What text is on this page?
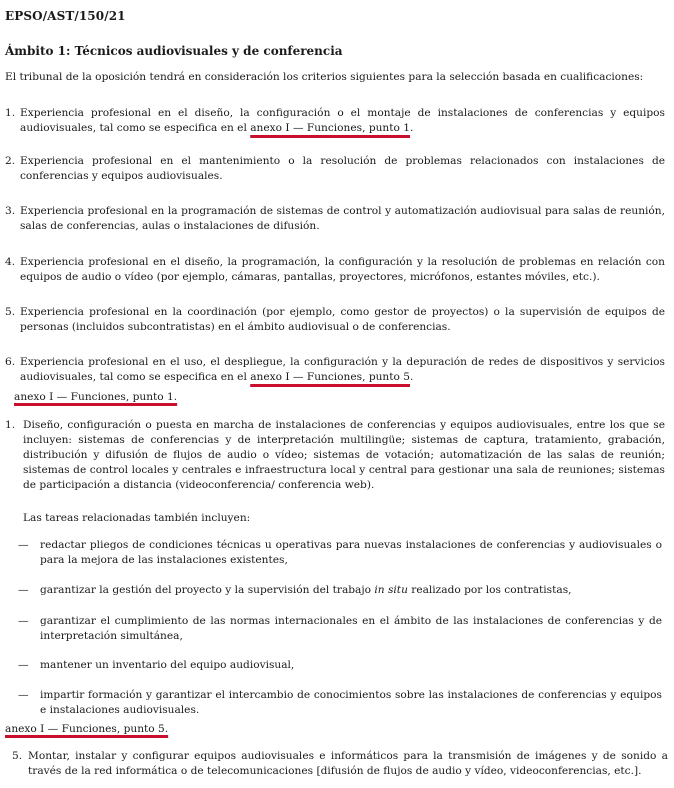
EPSO/AST/150/21
Ámbito 1: Técnicos audiovisuales y de conferencia
El tribunal de la oposición tendrá en consideración los criterios siguientes para la selección basada en cualificaciones:
1. Experiencia profesional en el diseño, la configuración o el montaje de instalaciones de conferencias y equipos audiovisuales, tal como se especifica en el anexo I — Funciones, punto 1.
2. Experiencia profesional en el mantenimiento o la resolución de problemas relacionados con instalaciones de conferencias y equipos audiovisuales.
3. Experiencia profesional en la programación de sistemas de control y automatización audiovisual para salas de reunión, salas de conferencias, aulas o instalaciones de difusión.
4. Experiencia profesional en el diseño, la programación, la configuración y la resolución de problemas en relación con equipos de audio o vídeo (por ejemplo, cámaras, pantallas, proyectores, micrófonos, estantes móviles, etc.).
5. Experiencia profesional en la coordinación (por ejemplo, como gestor de proyectos) o la supervisión de equipos de personas (incluidos subcontratistas) en el ámbito audiovisual o de conferencias.
6. Experiencia profesional en el uso, el despliegue, la configuración y la depuración de redes de dispositivos y servicios audiovisuales, tal como se especifica en el anexo I — Funciones, punto 5.
anexo I — Funciones, punto 1.
1. Diseño, configuración o puesta en marcha de instalaciones de conferencias y equipos audiovisuales, entre los que se incluyen: sistemas de conferencias y de interpretación multilingüe; sistemas de captura, tratamiento, grabación, distribución y difusión de flujos de audio o vídeo; sistemas de votación; automatización de las salas de reunión; sistemas de control locales y centrales e infraestructura local y central para gestionar una sala de reuniones; sistemas de participación a distancia (videoconferencia/ conferencia web).
Las tareas relacionadas también incluyen:
—	redactar pliegos de condiciones técnicas u operativas para nuevas instalaciones de conferencias y audiovisuales o para la mejora de las instalaciones existentes,
—	garantizar la gestión del proyecto y la supervisión del trabajo in situ realizado por los contratistas,
—	garantizar el cumplimiento de las normas internacionales en el ámbito de las instalaciones de conferencias y de interpretación simultánea,
—	mantener un inventario del equipo audiovisual,
—	impartir formación y garantizar el intercambio de conocimientos sobre las instalaciones de conferencias y equipos e instalaciones audiovisuales.
anexo I — Funciones, punto 5.
5. Montar, instalar y configurar equipos audiovisuales e informáticos para la transmisión de imágenes y de sonido a través de la red informática o de telecomunicaciones [difusión de flujos de audio y vídeo, videoconferencias, etc.].
